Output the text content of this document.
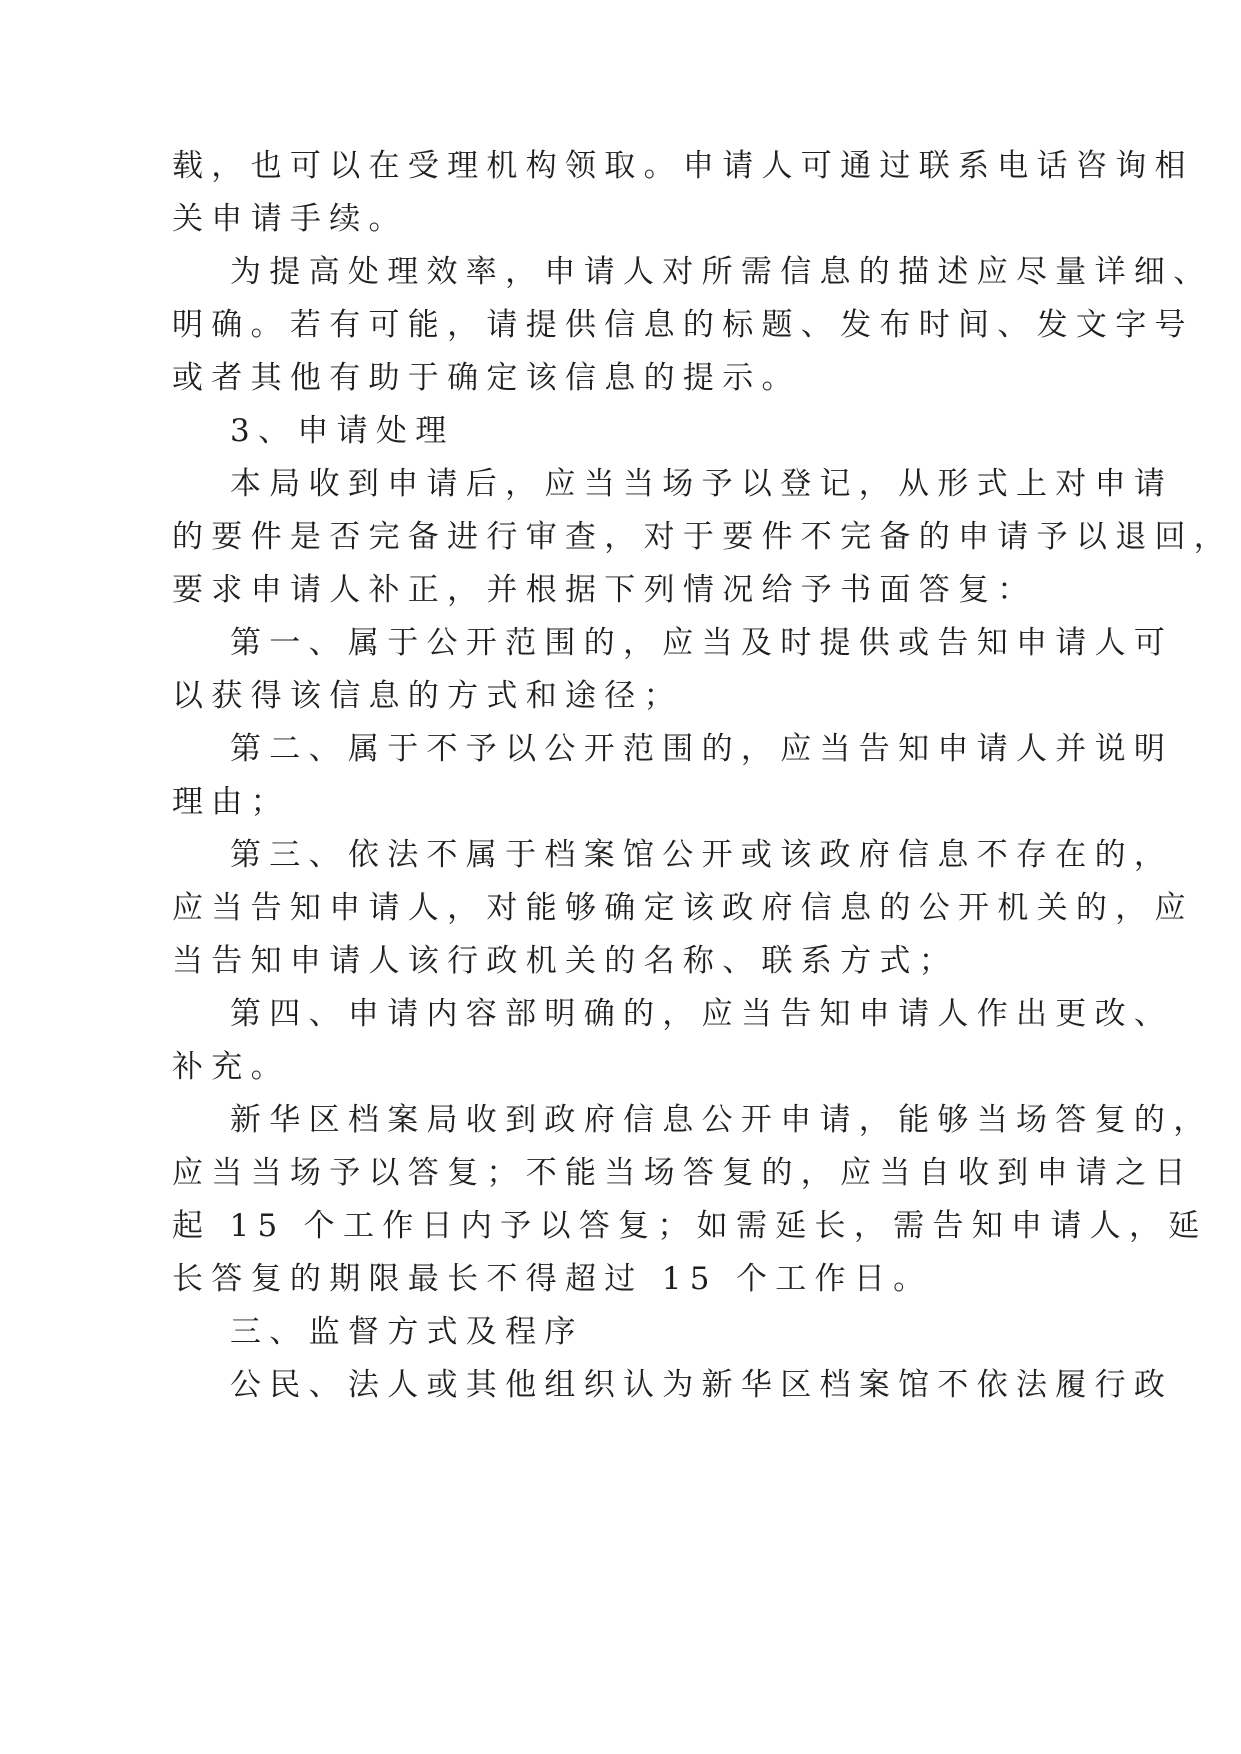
载，也可以在受理机构领取。申请人可通过联系电话咨询相
关申请手续。
为提高处理效率，申请人对所需信息的描述应尽量详细、
明确。若有可能，请提供信息的标题、发布时间、发文字号
或者其他有助于确定该信息的提示。
3、申请处理
本局收到申请后，应当当场予以登记，从形式上对申请
的要件是否完备进行审查，对于要件不完备的申请予以退回，
要求申请人补正，并根据下列情况给予书面答复：
第一、属于公开范围的，应当及时提供或告知申请人可
以获得该信息的方式和途径；
第二、属于不予以公开范围的，应当告知申请人并说明
理由；
第三、依法不属于档案馆公开或该政府信息不存在的，
应当告知申请人，对能够确定该政府信息的公开机关的，应
当告知申请人该行政机关的名称、联系方式；
第四、申请内容部明确的，应当告知申请人作出更改、
补充。
新华区档案局收到政府信息公开申请，能够当场答复的，
应当当场予以答复；不能当场答复的，应当自收到申请之日
起 15 个工作日内予以答复；如需延长，需告知申请人，延
长答复的期限最长不得超过 15 个工作日。
三、监督方式及程序
公民、法人或其他组织认为新华区档案馆不依法履行政
